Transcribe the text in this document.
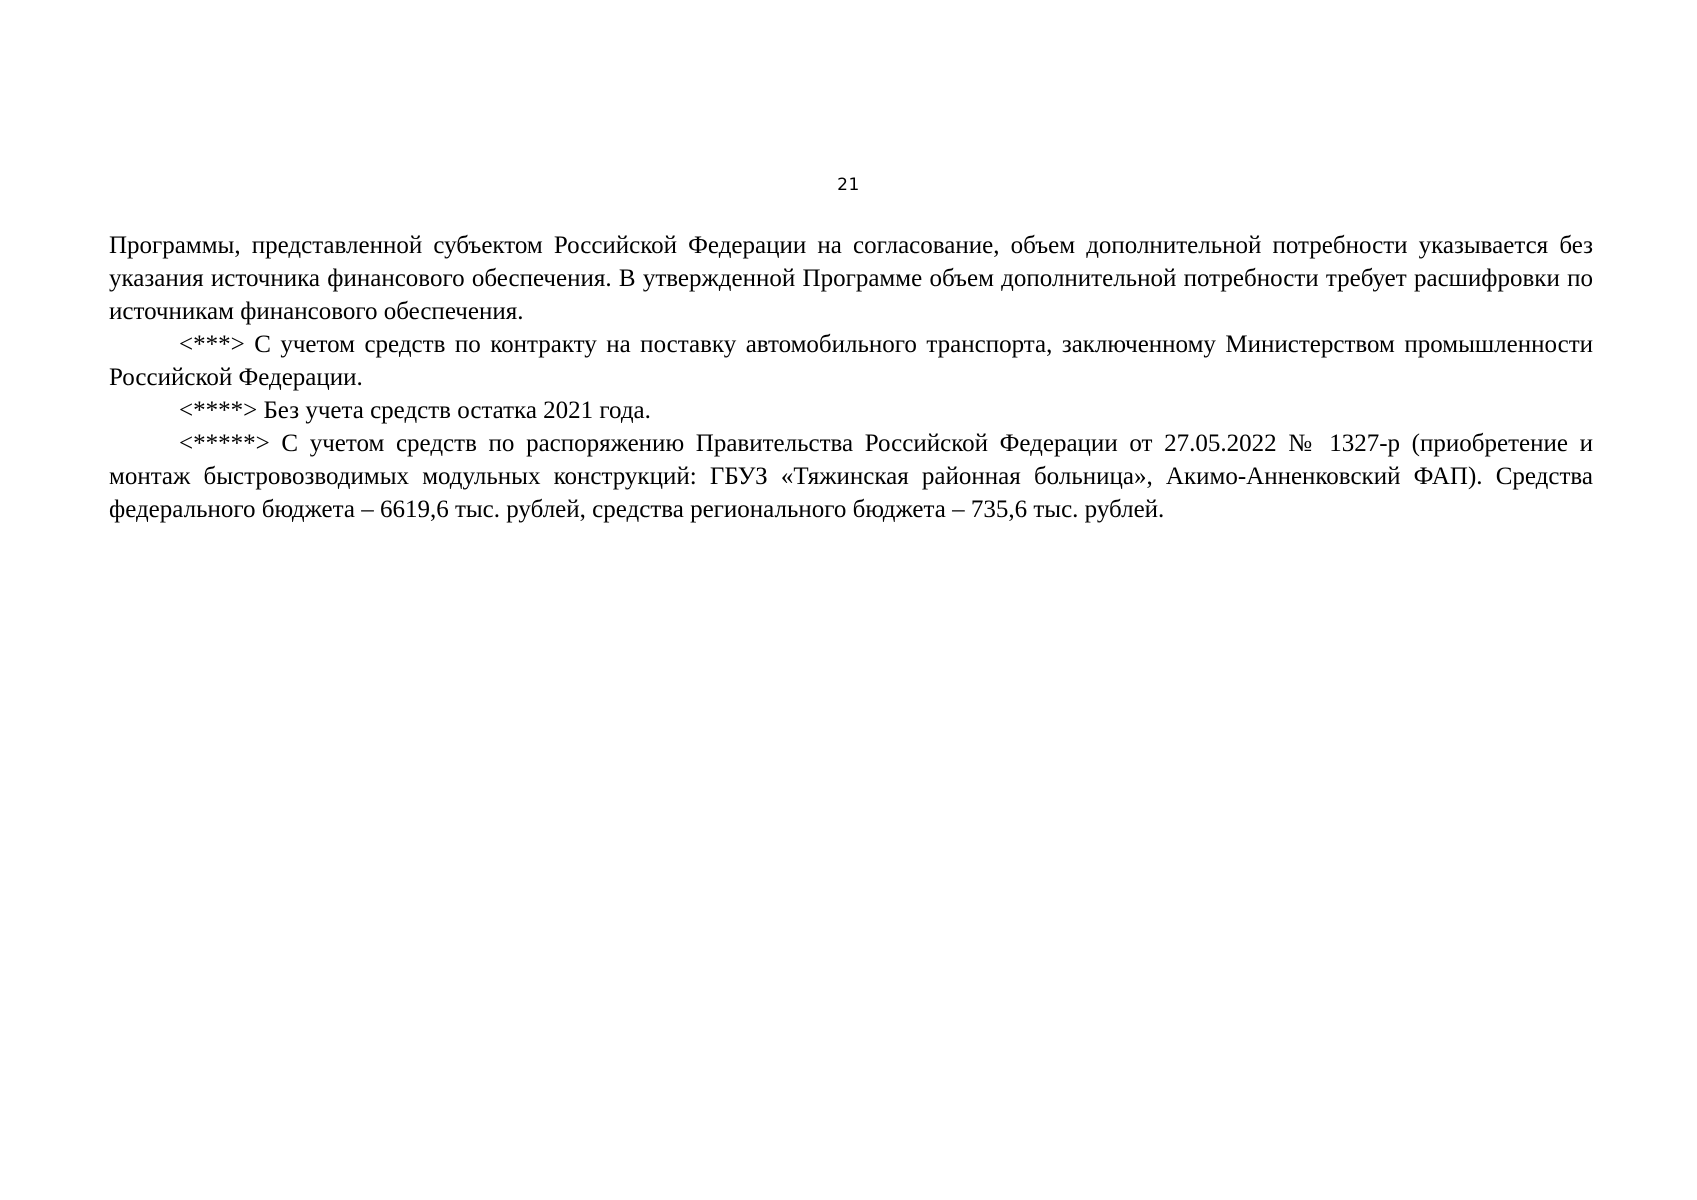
21

Программы, представленной субъектом Российской Федерации на согласование, объем дополнительной потребности указывается без указания источника финансового обеспечения. В утвержденной Программе объем дополнительной потребности требует расшифровки по источникам финансового обеспечения.

<***> С учетом средств по контракту на поставку автомобильного транспорта, заключенному Министерством промышленности Российской Федерации.

<****> Без учета средств остатка 2021 года.

<*****> С учетом средств по распоряжению Правительства Российской Федерации от 27.05.2022 № 1327-р (приобретение и монтаж быстровозводимых модульных конструкций: ГБУЗ «Тяжинская районная больница», Акимо-Анненковский ФАП). Средства федерального бюджета – 6619,6 тыс. рублей, средства регионального бюджета – 735,6 тыс. рублей.
